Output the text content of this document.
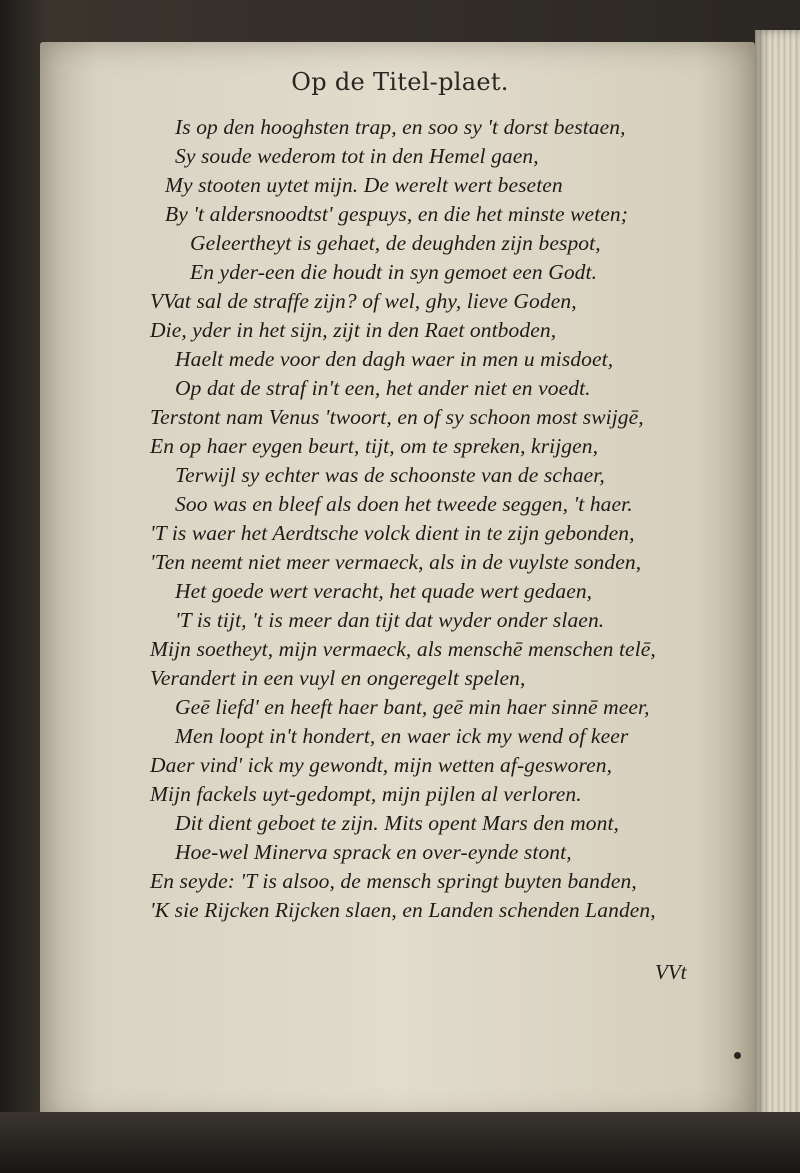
Op de Titel-plaet.
Is op den hooghsten trap, en soo sy 't dorst bestaen,
Sy soude wederom tot in den Hemel gaen,
My stooten uytet mijn. De werelt wert beseten
By 't aldersnoodtst' gespuys, en die het minste weten;
Geleertheyt is gehaet, de deughden zijn bespot,
En yder-een die houdt in syn gemoet een Godt.
VVat sal de straffe zijn? of wel, ghy, lieve Goden,
Die, yder in het sijn, zijt in den Raet ontboden,
Haelt mede voor den dagh waer in men u misdoet,
Op dat de straf in't een, het ander niet en voedt.
Terstont nam Venus 'twoort, en of sy schoon most swijgē,
En op haer eygen beurt, tijt, om te spreken, krijgen,
Terwijl sy echter was de schoonste van de schaer,
Soo was en bleef als doen het tweede seggen, 't haer.
'T is waer het Aerdtsche volck dient in te zijn gebonden,
'Ten neemt niet meer vermaeck, als in de vuylste sonden,
Het goede wert veracht, het quade wert gedaen,
'T is tijt, 't is meer dan tijt dat wyder onder slaen.
Mijn soetheyt, mijn vermaeck, als menschē menschen telē,
Verandert in een vuyl en ongeregelt spelen,
Geē liefd' en heeft haer bant, geē min haer sinnē meer,
Men loopt in't hondert, en waer ick my wend of keer
Daer vind' ick my gewondt, mijn wetten af-gesworen,
Mijn fackels uyt-gedompt, mijn pijlen al verloren.
Dit dient geboet te zijn. Mits opent Mars den mont,
Hoe-wel Minerva sprack en over-eynde stont,
En seyde: 'T is alsoo, de mensch springt buyten banden,
'K sie Rijcken Rijcken slaen, en Landen schenden Landen,
VVt
